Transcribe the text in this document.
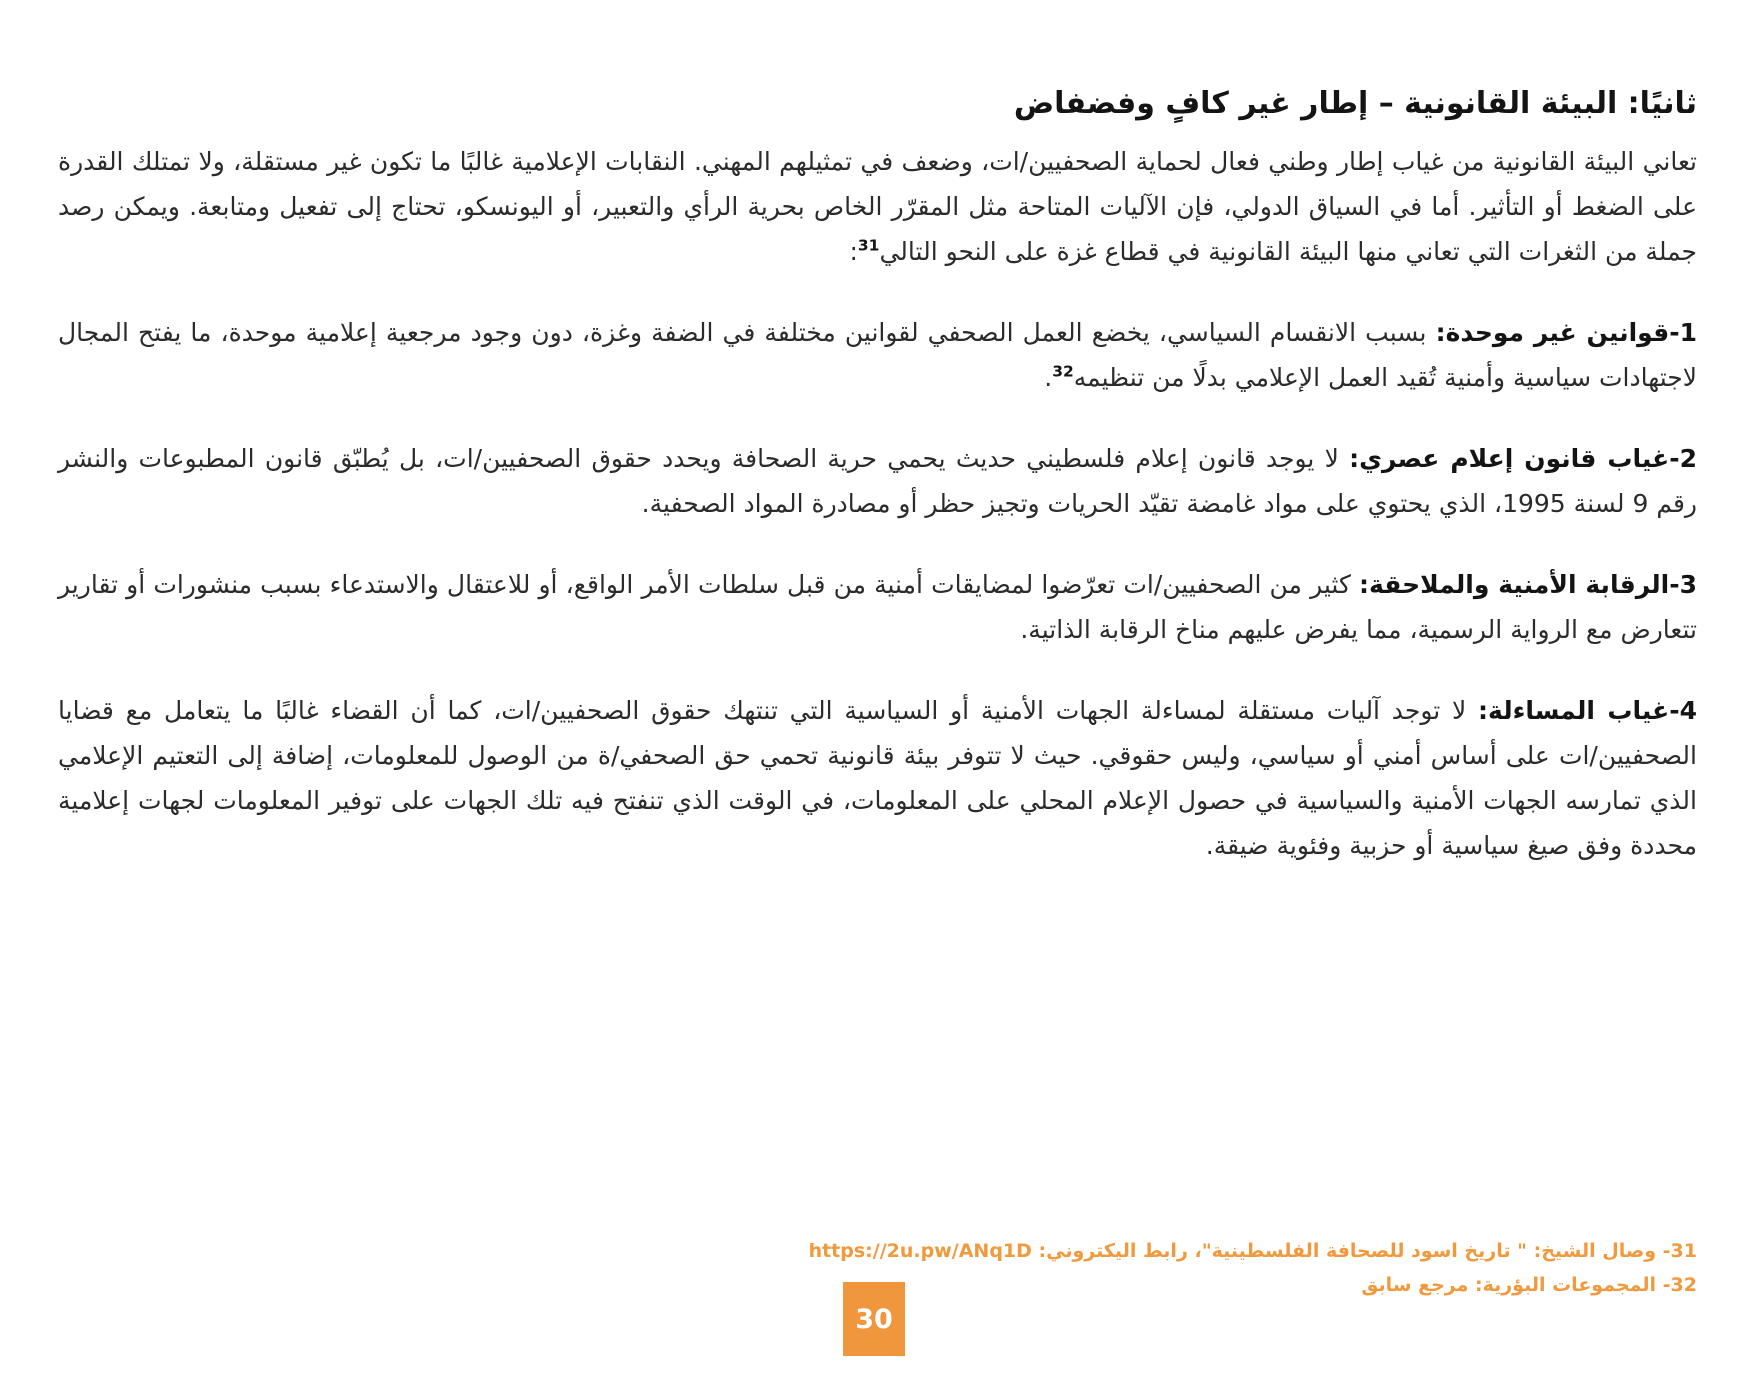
ثانيًا: البيئة القانونية – إطار غير كافٍ وفضفاض

تعاني البيئة القانونية من غياب إطار وطني فعال لحماية الصحفيين/ات، وضعف في تمثيلهم المهني. النقابات الإعلامية غالبًا ما تكون غير مستقلة، ولا تمتلك القدرة على الضغط أو التأثير. أما في السياق الدولي، فإن الآليات المتاحة مثل المقرّر الخاص بحرية الرأي والتعبير، أو اليونسكو، تحتاج إلى تفعيل ومتابعة. ويمكن رصد جملة من الثغرات التي تعاني منها البيئة القانونية في قطاع غزة على النحو التالي$^{31}$:

1-قوانين غير موحدة: بسبب الانقسام السياسي، يخضع العمل الصحفي لقوانين مختلفة في الضفة وغزة، دون وجود مرجعية إعلامية موحدة، ما يفتح المجال لاجتهادات سياسية وأمنية تُقيد العمل الإعلامي بدلًا من تنظيمه$^{32}$.

2-غياب قانون إعلام عصري: لا يوجد قانون إعلام فلسطيني حديث يحمي حرية الصحافة ويحدد حقوق الصحفيين/ات، بل يُطبّق قانون المطبوعات والنشر رقم 9 لسنة 1995، الذي يحتوي على مواد غامضة تقيّد الحريات وتجيز حظر أو مصادرة المواد الصحفية.

3-الرقابة الأمنية والملاحقة: كثير من الصحفيين/ات تعرّضوا لمضايقات أمنية من قبل سلطات الأمر الواقع، أو للاعتقال والاستدعاء بسبب منشورات أو تقارير تتعارض مع الرواية الرسمية، مما يفرض عليهم مناخ الرقابة الذاتية.

4-غياب المساءلة: لا توجد آليات مستقلة لمساءلة الجهات الأمنية أو السياسية التي تنتهك حقوق الصحفيين/ات، كما أن القضاء غالبًا ما يتعامل مع قضايا الصحفيين/ات على أساس أمني أو سياسي، وليس حقوقي. حيث لا تتوفر بيئة قانونية تحمي حق الصحفي/ة من الوصول للمعلومات، إضافة إلى التعتيم الإعلامي الذي تمارسه الجهات الأمنية والسياسية في حصول الإعلام المحلي على المعلومات، في الوقت الذي تنفتح فيه تلك الجهات على توفير المعلومات لجهات إعلامية محددة وفق صيغ سياسية أو حزبية وفئوية ضيقة.

31- وصال الشيخ: " تاريخ اسود للصحافة الفلسطينية"، رابط اليكتروني: https://2u.pw/ANq1D
32- المجموعات البؤرية: مرجع سابق
30
